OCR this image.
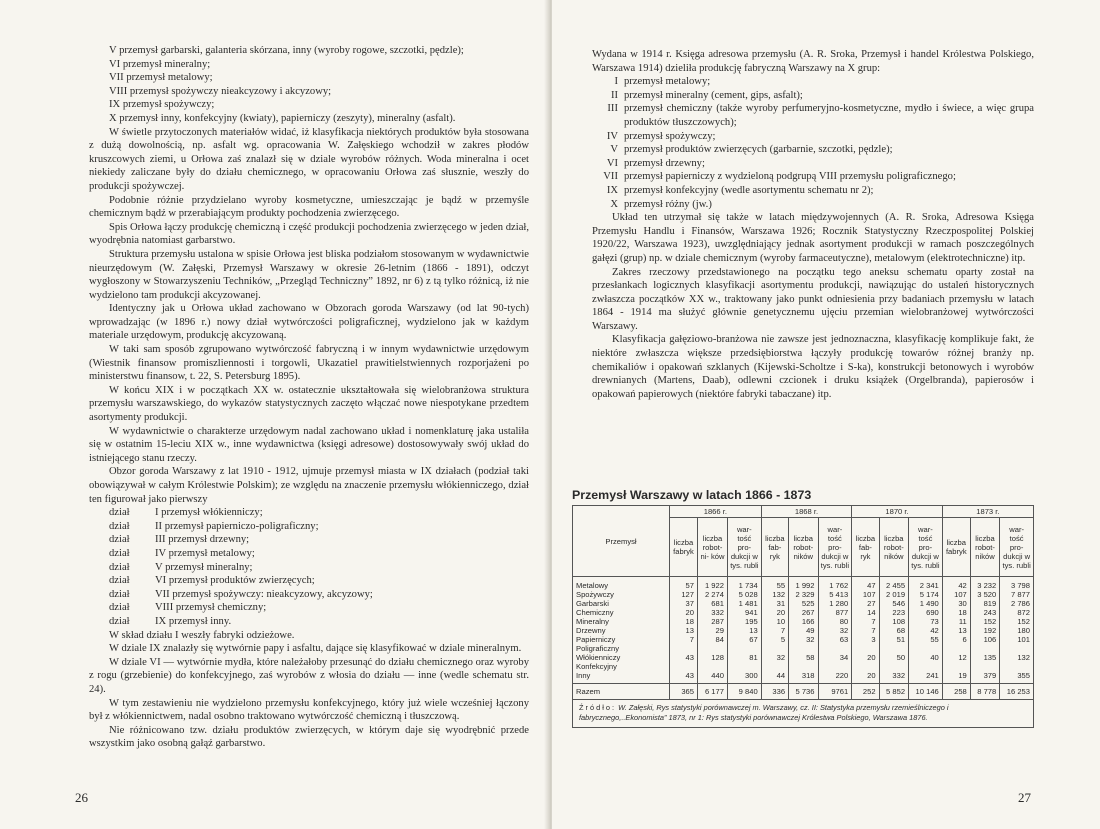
V przemysł garbarski, galanteria skórzana, inny (wyroby rogowe, szczotki, pędzle);

VI przemysł mineralny;

VII przemysł metalowy;

VIII przemysł spożywczy nieakcyzowy i akcyzowy;

IX przemysł spożywczy;

X przemysł inny, konfekcyjny (kwiaty), papierniczy (zeszyty), mineralny (asfalt).

W świetle przytoczonych materiałów widać, iż klasyfikacja niektórych produktów była stosowana z dużą dowolnością, np. asfalt wg. opracowania W. Załęskiego wchodził w zakres płodów kruszcowych ziemi, u Orłowa zaś znalazł się w dziale wyrobów różnych. Woda mineralna i ocet niekiedy zaliczane były do działu chemicznego, w opracowaniu Orłowa zaś słusznie, weszły do produkcji spożywczej.

Podobnie różnie przydzielano wyroby kosmetyczne, umieszczając je bądź w przemyśle chemicznym bądź w przerabiającym produkty pochodzenia zwierzęcego.

Spis Orłowa łączy produkcję chemiczną i część produkcji pochodzenia zwierzęcego w jeden dział, wyodrębnia natomiast garbarstwo.

Struktura przemysłu ustalona w spisie Orłowa jest bliska podziałom stosowanym w wydawnictwie nieurzędowym (W. Załęski, Przemysł Warszawy w okresie 26-letnim (1866 - 1891), odczyt wygłoszony w Stowarzyszeniu Techników, „Przegląd Techniczny” 1892, nr 6) z tą tylko różnicą, iż nie wydzielono tam produkcji akcyzowanej.

Identyczny jak u Orłowa układ zachowano w Obzorach goroda Warszawy (od lat 90-tych) wprowadzając (w 1896 r.) nowy dział wytwórczości poligraficznej, wydzielono jak w każdym materiale urzędowym, produkcję akcyzowaną.

W taki sam sposób zgrupowano wytwórczość fabryczną i w innym wydawnictwie urzędowym (Wiestnik finansow promiszliennosti i torgowli, Ukazatiel prawitielstwiennych rozporjażeni po ministerstwu finansow, t. 22, S. Petersburg 1895).

W końcu XIX i w początkach XX w. ostatecznie ukształtowała się wielobranżowa struktura przemysłu warszawskiego, do wykazów statystycznych zaczęto włączać nowe niespotykane przedtem asortymenty produkcji.

W wydawnictwie o charakterze urzędowym nadal zachowano układ i nomenklaturę jaka ustaliła się w ostatnim 15-leciu XIX w., inne wydawnictwa (księgi adresowe) dostosowywały swój układ do istniejącego stanu rzeczy.

Obzor goroda Warszawy z lat 1910 - 1912, ujmuje przemysł miasta w IX działach (podział taki obowiązywał w całym Królestwie Polskim); ze względu na znaczenie przemysłu włókienniczego, dział ten figurował jako pierwszy

dział I przemysł włókienniczy;
dział II przemysł papierniczo-poligraficzny;
dział III przemysł drzewny;
dział IV przemysł metalowy;
dział V przemysł mineralny;
dział VI przemysł produktów zwierzęcych;
dział VII przemysł spożywczy: nieakcyzowy, akcyzowy;
dział VIII przemysł chemiczny;
dział IX przemysł inny.

W skład działu I weszły fabryki odzieżowe.

W dziale IX znalazły się wytwórnie papy i asfaltu, dające się klasyfikować w dziale mineralnym.

W dziale VI — wytwórnie mydła, które należałoby przesunąć do działu chemicznego oraz wyroby z rogu (grzebienie) do konfekcyjnego, zaś wyrobów z włosia do działu — inne (wedle schematu str. 24).

W tym zestawieniu nie wydzielono przemysłu konfekcyjnego, który już wiele wcześniej łączony był z włókiennictwem, nadal osobno traktowano wytwórczość chemiczną i tłuszczową.

Nie różnicowano tzw. działu produktów zwierzęcych, w którym daje się wyodrębnić przede wszystkim jako osobną gałąź garbarstwo.

26

Wydana w 1914 r. Księga adresowa przemysłu (A. R. Sroka, Przemysł i handel Królestwa Polskiego, Warszawa 1914) dzieliła produkcję fabryczną Warszawy na X grup:

I przemysł metalowy;
II przemysł mineralny (cement, gips, asfalt);
III przemysł chemiczny (także wyroby perfumeryjno-kosmetyczne, mydło i świece, a więc grupa produktów tłuszczowych);
IV przemysł spożywczy;
V przemysł produktów zwierzęcych (garbarnie, szczotki, pędzle);
VI przemysł drzewny;
VII przemysł papierniczy z wydzieloną podgrupą VIII przemysłu poligraficznego;
IX przemysł konfekcyjny (wedle asortymentu schematu nr 2);
X przemysł różny (jw.)

Układ ten utrzymał się także w latach międzywojennych (A. R. Sroka, Adresowa Księga Przemysłu Handlu i Finansów, Warszawa 1926; Rocznik Statystyczny Rzeczpospolitej Polskiej 1920/22, Warszawa 1923), uwzględniający jednak asortyment produkcji w ramach poszczególnych gałęzi (grup) np. w dziale chemicznym (wyroby farmaceutyczne), metalowym (elektrotechniczne) itp.

Zakres rzeczowy przedstawionego na początku tego aneksu schematu oparty został na przesłankach logicznych klasyfikacji asortymentu produkcji, nawiązując do ustaleń historycznych zwłaszcza początków XX w., traktowany jako punkt odniesienia przy badaniach przemysłu w latach 1864 - 1914 ma służyć głównie genetycznemu ujęciu przemian wielobranżowej wytwórczości Warszawy.

Klasyfikacja gałęziowo-branżowa nie zawsze jest jednoznaczna, klasyfikację komplikuje fakt, że niektóre zwłaszcza większe przedsiębiorstwa łączyły produkcję towarów różnej branży np. chemikaliów i opakowań szklanych (Kijewski-Scholtze i S-ka), konstrukcji betonowych i wyrobów drewnianych (Martens, Daab), odlewni czcionek i druku książek (Orgelbranda), papierosów i opakowań papierowych (niektóre fabryki tabaczane) itp.

Przemysł Warszawy w latach 1866 - 1873
Przemysł	1866 r.			1868 r.			1870 r.			1873 r.		
	liczba fabryk	liczba robot- ni- ków	war- tość pro- dukcji w tys. rubli	liczba fab- ryk	liczba robot- ników	war- tość pro- dukcji w tys. rubli	liczba fab- ryk	liczba robot- ników	war- tość pro- dukcji w tys. rubli	liczba fabryk	liczba robot- ników	war- tość pro- dukcji w tys. rubli
Metalowy	57	1 922	1 734	55	1 992	1 762	47	2 455	2 341	42	3 232	3 798
Spożywczy	127	2 274	5 028	132	2 329	5 413	107	2 019	5 174	107	3 520	7 877
Garbarski	37	681	1 481	31	525	1 280	27	546	1 490	30	819	2 786
Chemiczny	20	332	941	20	267	877	14	223	690	18	243	872
Mineralny	18	287	195	10	166	80	7	108	73	11	152	152
Drzewny	13	29	13	7	49	32	7	68	42	13	192	180
Papierniczy	7	84	67	5	32	63	3	51	55	6	106	101
Poligraficzny												
Włókienniczy	43	128	81	32	58	34	20	50	40	12	135	132
Konfekcyjny												
Inny	43	440	300	44	318	220	20	332	241	19	379	355
Razem	365	6 177	9 840	336	5 736	9761	252	5 852	10 146	258	8 778	16 253
Źródło: W. Załęski, Rys statystyki porównawczej m. Warszawy, cz. II: Statystyka przemysłu rzemieślniczego i fabrycznego,..Ekonomista” 1873, nr 1: Rys statystyki porównawczej Królestwa Polskiego, Warszawa 1876.
27
